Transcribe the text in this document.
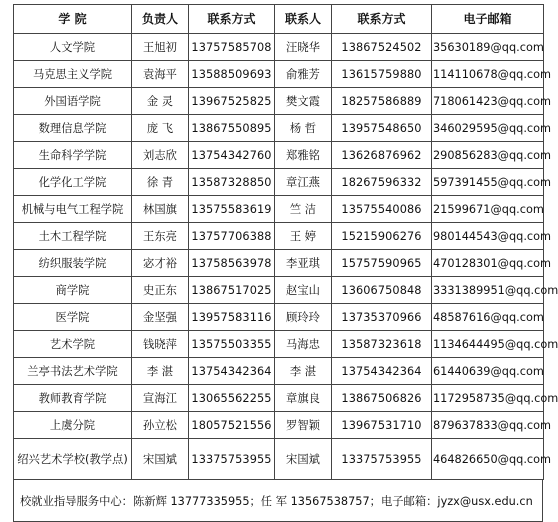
学 院	负责人	联系方式	联系人	联系方式	电子邮箱
人文学院	王旭初	13757585708	汪晓华	13867524502	35630189@qq.com
马克思主义学院	袁海平	13588509693	俞雅芳	13615759880	114110678@qq.com
外国语学院	金 灵	13967525825	樊文霞	18257586889	718061423@qq.com
数理信息学院	庞 飞	13867550895	杨 哲	13957548650	346029595@qq.com
生命科学学院	刘志欣	13754342760	郑雅铭	13626876962	290856283@qq.com
化学化工学院	徐 青	13587328850	章江燕	18267596332	597391455@qq.com
机械与电气工程学院	林国旗	13575583619	竺 洁	13575540086	21599671@qq.com
土木工程学院	王东亮	13757706388	王 婷	15215906276	980144543@qq.com
纺织服装学院	宓才裕	13758563978	李亚琪	15757590965	470128301@qq.com
商学院	史正东	13867517025	赵宝山	13606750848	3331389951@qq.com
医学院	金坚强	13957583116	顾玲玲	13735370966	48587616@qq.com
艺术学院	钱晓萍	13575503355	马海忠	13587323618	1134644495@qq.com
兰亭书法艺术学院	李 湛	13754342364	李 湛	13754342364	61440639@qq.com
教师教育学院	宣海江	13065562255	章旗良	13867506826	1172958735@qq.com
上虞分院	孙立松	18057521556	罗智颖	13967531710	879637833@qq.com
绍兴艺术学校(教学点)	宋国斌	13375753955	宋国斌	13375753955	464826650@qq.com
校就业指导服务中心：陈新辉 13777335955；任 军 13567538757；电子邮箱：jyzx@usx.edu.cn
